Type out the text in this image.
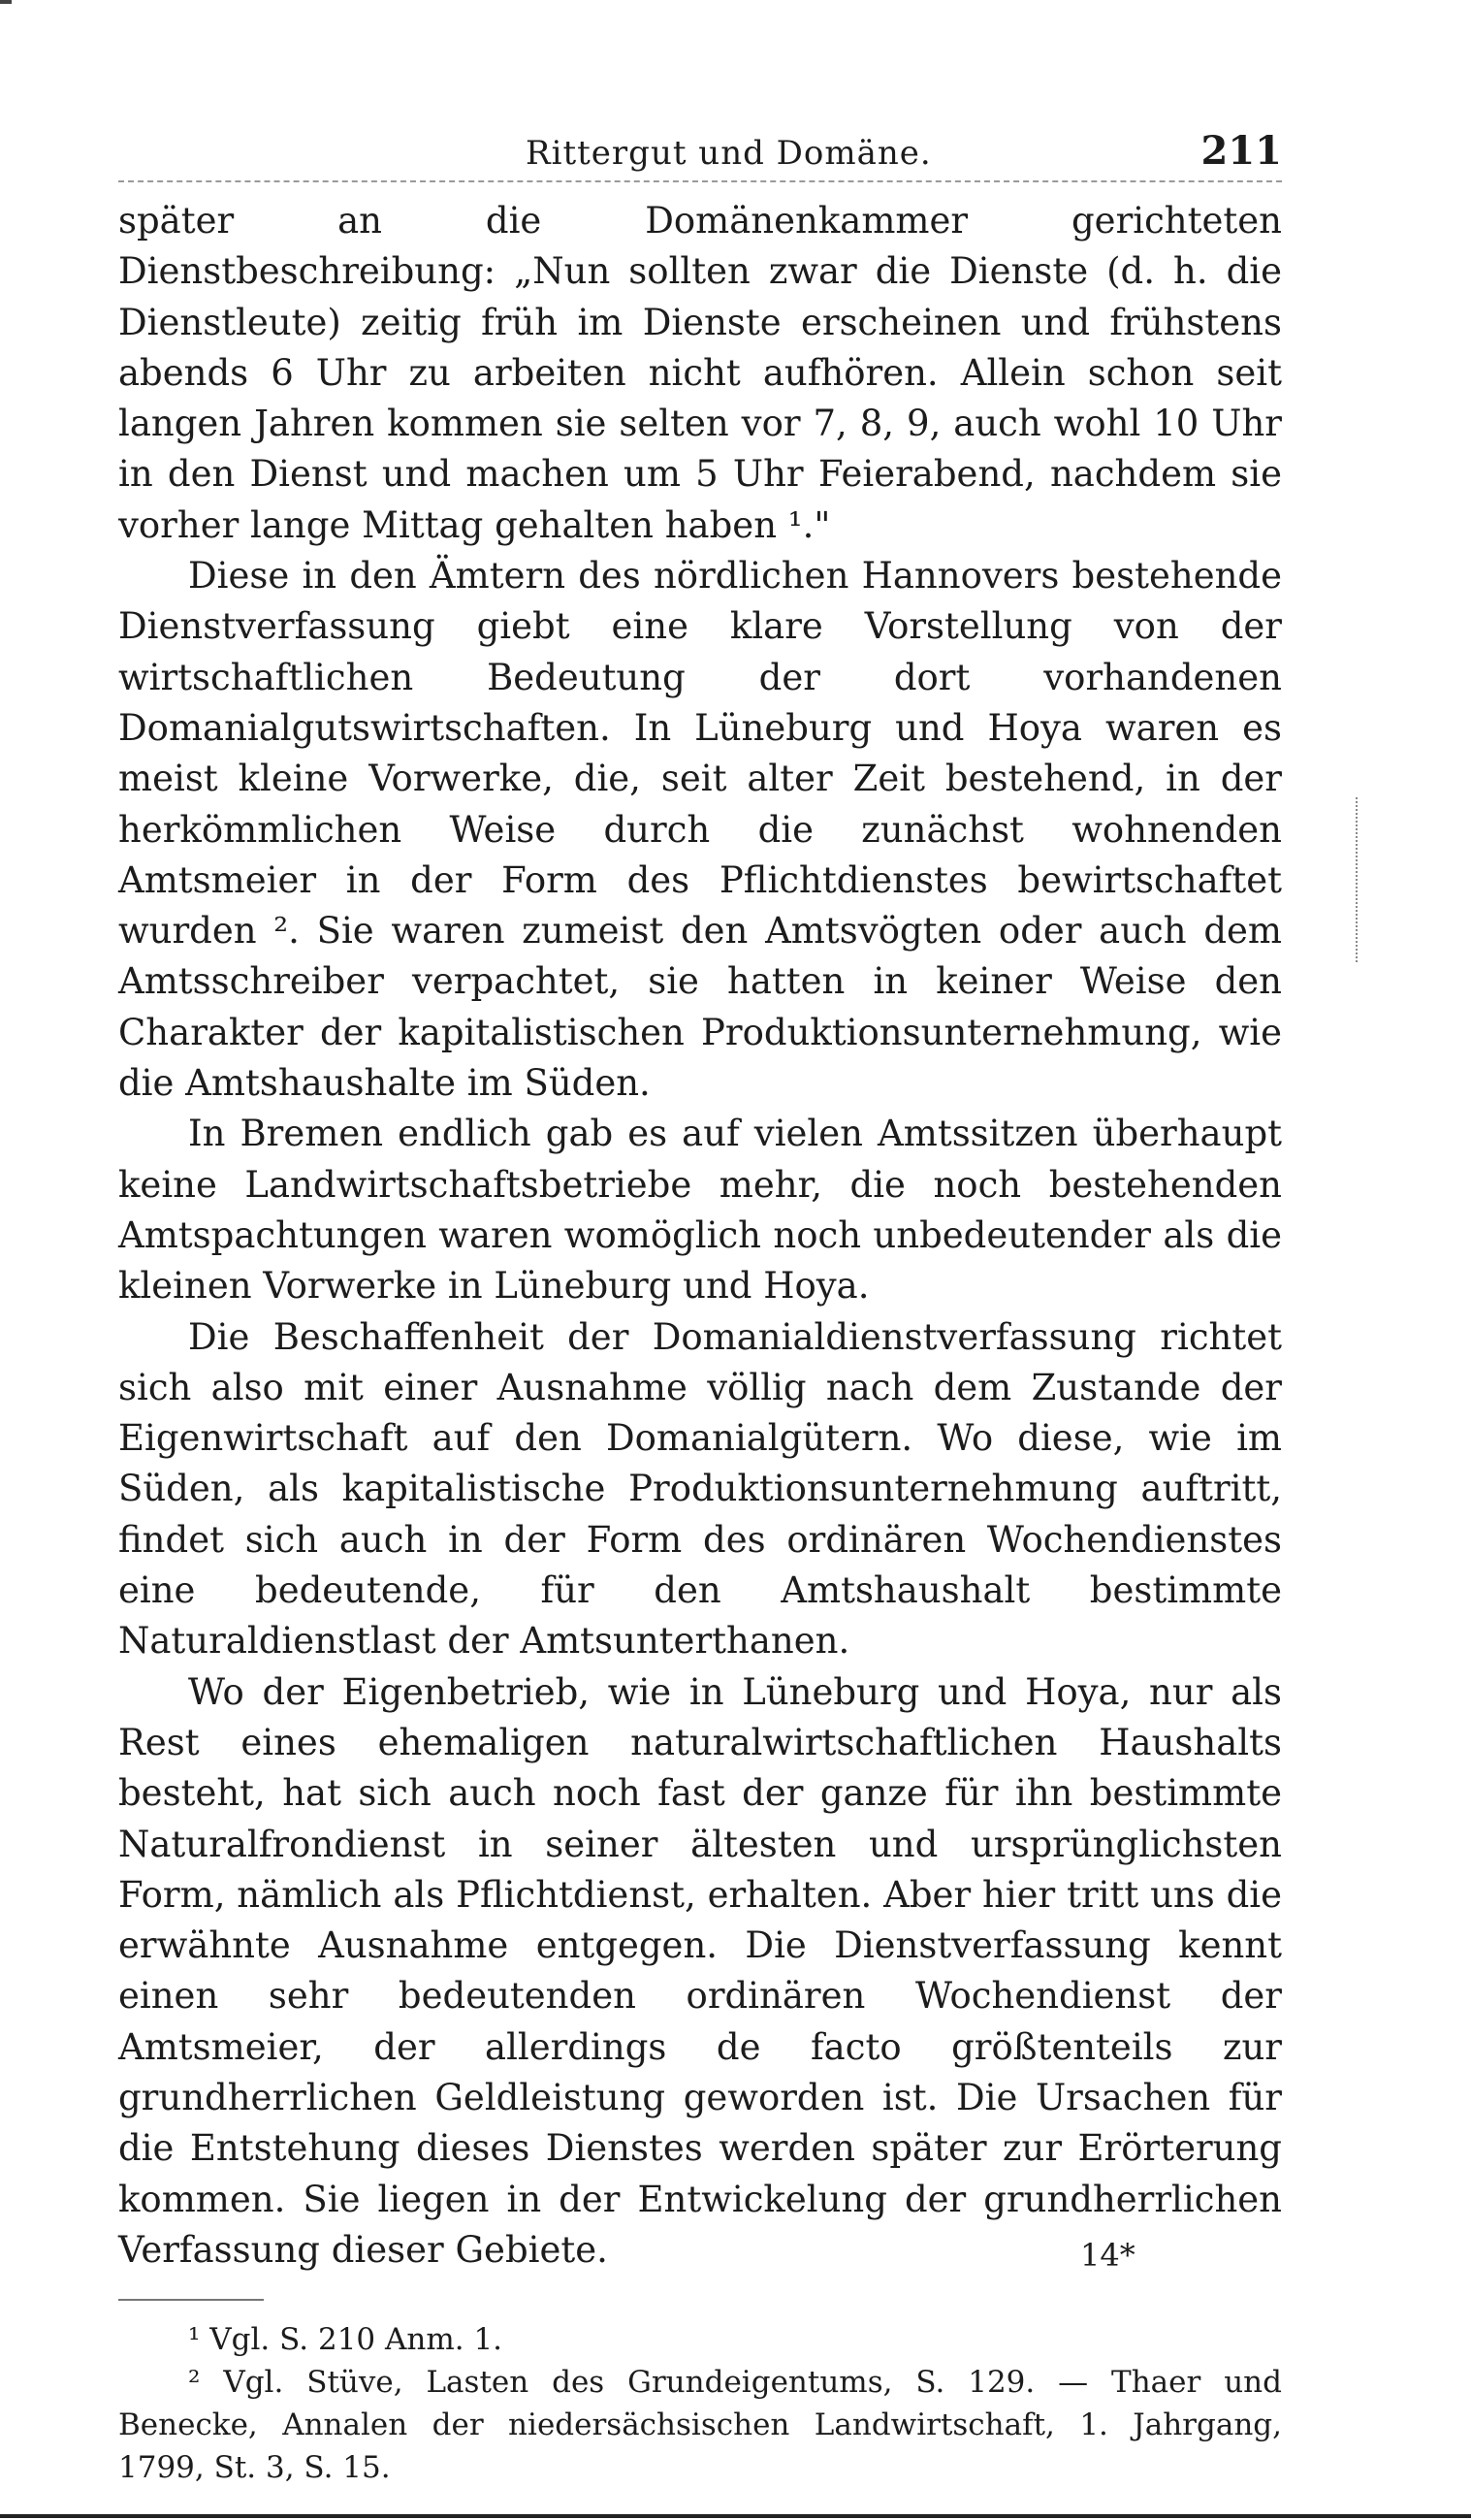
Rittergut und Domäne.	211

später an die Domänenkammer gerichteten Dienstbeschreibung: „Nun sollten zwar die Dienste (d. h. die Dienstleute) zeitig früh im Dienste erscheinen und frühstens abends 6 Uhr zu arbeiten nicht aufhören. Allein schon seit langen Jahren kommen sie selten vor 7, 8, 9, auch wohl 10 Uhr in den Dienst und machen um 5 Uhr Feierabend, nachdem sie vorher lange Mittag gehalten haben ¹."

Diese in den Ämtern des nördlichen Hannovers bestehende Dienstverfassung giebt eine klare Vorstellung von der wirtschaftlichen Bedeutung der dort vorhandenen Domanialgutswirtschaften. In Lüneburg und Hoya waren es meist kleine Vorwerke, die, seit alter Zeit bestehend, in der herkömmlichen Weise durch die zunächst wohnenden Amtsmeier in der Form des Pflichtdienstes bewirtschaftet wurden ². Sie waren zumeist den Amtsvögten oder auch dem Amtsschreiber verpachtet, sie hatten in keiner Weise den Charakter der kapitalistischen Produktionsunternehmung, wie die Amtshaushalte im Süden.

In Bremen endlich gab es auf vielen Amtssitzen überhaupt keine Landwirtschaftsbetriebe mehr, die noch bestehenden Amtspachtungen waren womöglich noch unbedeutender als die kleinen Vorwerke in Lüneburg und Hoya.

Die Beschaffenheit der Domanialdienstverfassung richtet sich also mit einer Ausnahme völlig nach dem Zustande der Eigenwirtschaft auf den Domanialgütern. Wo diese, wie im Süden, als kapitalistische Produktionsunternehmung auftritt, findet sich auch in der Form des ordinären Wochendienstes eine bedeutende, für den Amtshaushalt bestimmte Naturaldienstlast der Amtsunterthanen.

Wo der Eigenbetrieb, wie in Lüneburg und Hoya, nur als Rest eines ehemaligen naturalwirtschaftlichen Haushalts besteht, hat sich auch noch fast der ganze für ihn bestimmte Naturalfrondienst in seiner ältesten und ursprünglichsten Form, nämlich als Pflichtdienst, erhalten. Aber hier tritt uns die erwähnte Ausnahme entgegen. Die Dienstverfassung kennt einen sehr bedeutenden ordinären Wochendienst der Amtsmeier, der allerdings de facto größtenteils zur grundherrlichen Geldleistung geworden ist. Die Ursachen für die Entstehung dieses Dienstes werden später zur Erörterung kommen. Sie liegen in der Entwickelung der grundherrlichen Verfassung dieser Gebiete.

¹ Vgl. S. 210 Anm. 1.

² Vgl. Stüve, Lasten des Grundeigentums, S. 129. — Thaer und Benecke, Annalen der niedersächsischen Landwirtschaft, 1. Jahrgang, 1799, St. 3, S. 15.

14*
